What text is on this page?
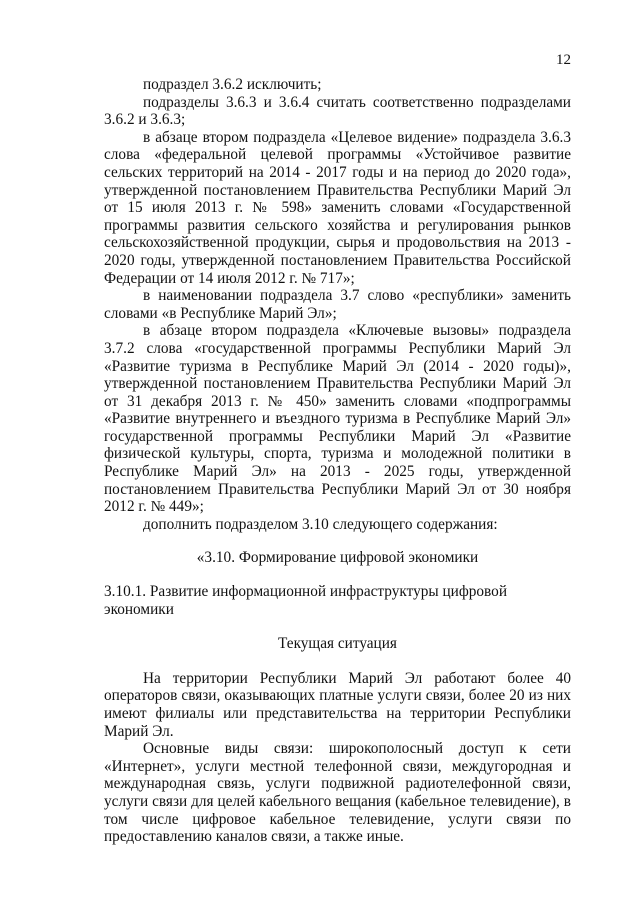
12

подраздел 3.6.2 исключить;

подразделы 3.6.3 и 3.6.4 считать соответственно подразделами 3.6.2 и 3.6.3;

в абзаце втором подраздела «Целевое видение» подраздела 3.6.3 слова «федеральной целевой программы «Устойчивое развитие сельских территорий на 2014 - 2017 годы и на период до 2020 года», утвержденной постановлением Правительства Республики Марий Эл от 15 июля 2013 г. № 598» заменить словами «Государственной программы развития сельского хозяйства и регулирования рынков сельскохозяйственной продукции, сырья и продовольствия на 2013 - 2020 годы, утвержденной постановлением Правительства Российской Федерации от 14 июля 2012 г. № 717»;

в наименовании подраздела 3.7 слово «республики» заменить словами «в Республике Марий Эл»;

в абзаце втором подраздела «Ключевые вызовы» подраздела 3.7.2 слова «государственной программы Республики Марий Эл «Развитие туризма в Республике Марий Эл (2014 - 2020 годы)», утвержденной постановлением Правительства Республики Марий Эл от 31 декабря 2013 г. № 450» заменить словами «подпрограммы «Развитие внутреннего и въездного туризма в Республике Марий Эл» государственной программы Республики Марий Эл «Развитие физической культуры, спорта, туризма и молодежной политики в Республике Марий Эл» на 2013 - 2025 годы, утвержденной постановлением Правительства Республики Марий Эл от 30 ноября 2012 г. № 449»;

дополнить подразделом 3.10 следующего содержания:

«3.10. Формирование цифровой экономики

3.10.1. Развитие информационной инфраструктуры цифровой экономики

Текущая ситуация

На территории Республики Марий Эл работают более 40 операторов связи, оказывающих платные услуги связи, более 20 из них имеют филиалы или представительства на территории Республики Марий Эл.

Основные виды связи: широкополосный доступ к сети «Интернет», услуги местной телефонной связи, междугородная и международная связь, услуги подвижной радиотелефонной связи, услуги связи для целей кабельного вещания (кабельное телевидение), в том числе цифровое кабельное телевидение, услуги связи по предоставлению каналов связи, а также иные.
